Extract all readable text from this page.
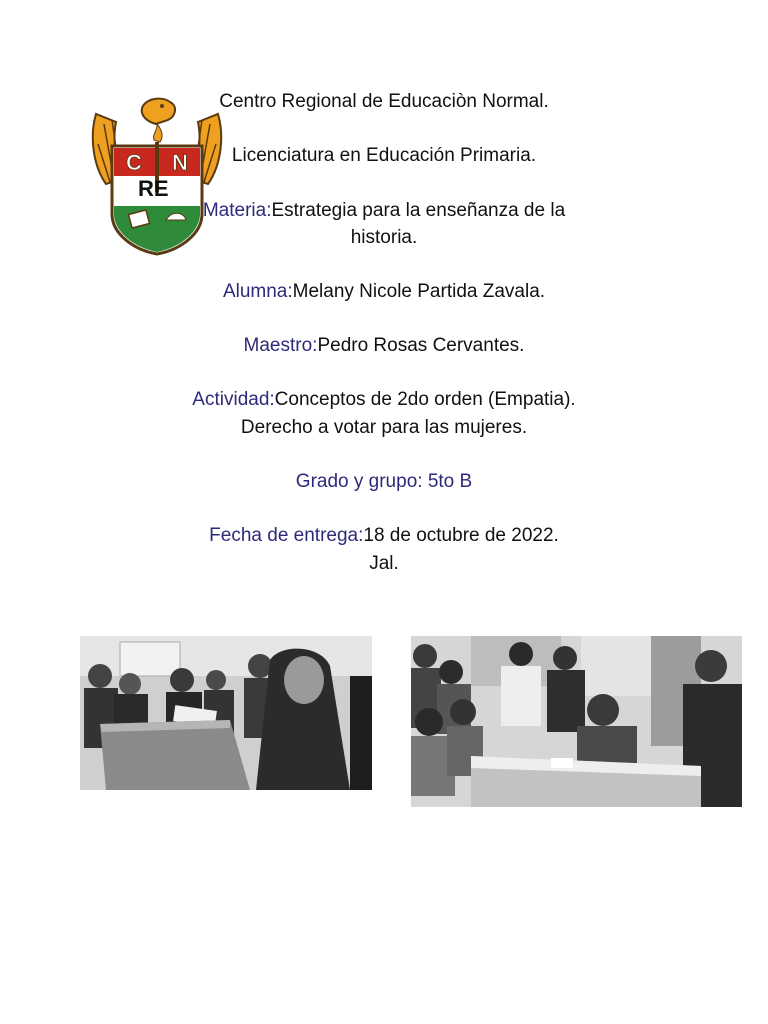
C N
RE
Centro Regional de Educaciòn Normal.
Licenciatura en Educación Primaria.
Materia:Estrategia para la enseñanza de la
historia.
Alumna:Melany Nicole Partida Zavala.
Maestro:Pedro Rosas Cervantes.
Actividad:Conceptos de 2do orden (Empatia).
Derecho a votar para las mujeres.
Grado y grupo: 5to B
Fecha de entrega:18 de octubre de 2022.
Jal.
